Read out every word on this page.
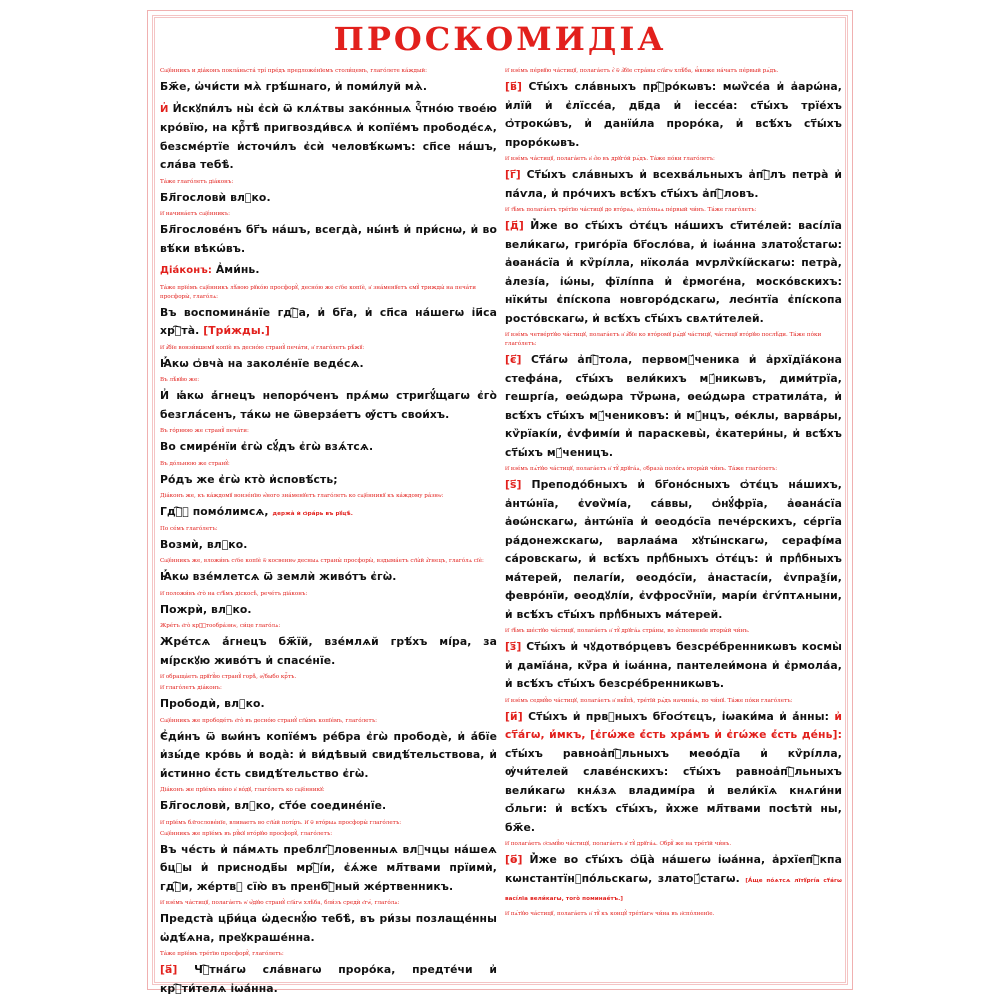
ПРОСКОМИДІА

Сщ҃е́нникъ и діа́конъ покла́ньста́ трі́ пре́дъ предложе́нїемъ столи́цемъ, глаго́лете ка́ждый:

Бж҃е, ѡ҆чи́сти мѧ̀ грѣ́шнаго, и҆ поми́луй мѧ̀.

И҆ И҆скꙋпи́лъ ны̀ є҆сѝ ѿ клѧ́твы зако́нныѧ чⷭ҇тно́ю твое́ю кро́вїю, на крⷭ҇тѣ̀ пригвозди́всѧ и҆ копїе́мъ прободе́сѧ, безсме́ртїе и҆сточи́лъ є҆сѝ человѣ́кѡмъ: сп҃се на́шъ, сла́ва тебѣ̀.

Та́же глаго́летъ діа́конъ:

Бл҃гословѝ влⷣко.

И҆ начина́етъ сщ҃е́нникъ:

Бл҃гослове́нъ бг҃ъ на́шъ, всегда̀, ны́нѣ и҆ при́снѡ, и҆ во вѣ́ки вѣкѡ́въ.

Діа́конъ: А҆ми́нь.

Та́же прїе́мъ сщ҃е́нникъ лѣ́вою рꙋко́ю просфорꙋ̀, десно́ю же ст҃о́е копїѐ, и҆ зна́менꙋетъ ємꙋ̀ трижды́ на печа́ти просфоры̀, глаго́лѧ:

Въ воспомина́нїе гдⷭ҇а, и҆ бг҃а, и҆ сп҃са на́шегѡ і҆и҃са хрⷭ҇та̀. [Три́жды.]

И҆ а҆́бїе вонзи́вшемꙋ копїѐ въ десно́ю странꙋ̀ печа́ти, и҆ глаго́летъ рѣ́жꙋ:

Ꙗ҆́кѡ ѻ҆вча̀ на заколе́нїе веде́сѧ.

Въ лѣ́вꙋю же:

И҆ ꙗ҆́кѡ а҆́гнецъ непоро́ченъ прѧ́мѡ стригꙋ́щагѡ є҆го̀ безгла́сенъ, та́кѡ не ѿверза́етъ ѹ҆́стъ свои́хъ.

Въ го́рнюю же странꙋ̀ печа́ти:

Во смире́нїи є҆гѡ̀ сꙋ́дъ є҆гѡ̀ взѧ́тсѧ.

Въ до́льнюю же странꙋ̀:

Ро́дъ же є҆гѡ̀ кто̀ и҆сповѣ́сть;

Діа́конъ же, къ ка́ждомꙋ вонзе́нїю ѡ҆́ного зна́менꙋетъ глаго́летъ ко сщ҃е́нникꙋ къ ка́ждому ра́знѡ:

Гдⷭ҇ꙋ помо́лимсѧ, держа̀ и҆ ѻ҆ра́рь въ рꙋцѣ̀.

По се́мъ глаго́летъ:

Возмѝ, влⷣко.

Сщ҃е́нникъ же, вложи́въ ст҃о́е копїѐ ѿ косвеннѡ десныѧ страны̀ просфоры̀, вздыма́етъ ст҃ы́й а҆́гнецъ, глаго́лѧ сїѐ:

Ꙗ҆́кѡ взе́млетсѧ ѿ землѝ живо́тъ є҆гѡ̀.

И҆ положи́въ є҆го̀ на ст҃ѣ́мъ діскосѣ̀, рече́тъ діа́конъ:

Пожрѝ, влⷣко.

Жре́тъ є҆го̀ крⷭ҇тообра́знѡ, си́це глаго́лѧ:

Жре́тсѧ а҆́гнецъ бж҃їй, взе́млѧй грѣ́хъ мі́ра, за мі́рскꙋю живо́тъ и҆ спасе́нїе.

И҆ обраща́етъ дрꙋгꙋ́ю странꙋ̀ горѣ̀, ѹ҆́быбо крⷭ҇тъ.

И҆ глаго́летъ діа́конъ:

Прободѝ, влⷣко.

Сщ҃е́нникъ же прободе́тъ є҆го̀ въ десно́ю странꙋ̀ ст҃ы́мъ копїе́мъ, глаго́летъ:

Є҆ди́нъ ѿ вѡи́нъ копїе́мъ ре́бра є҆гѡ̀ прободѐ, и҆ а҆́бїе и҆зы́де кро́вь и҆ вода̀: и҆ ви́дѣвый свидѣ́тельствова, и҆ и҆́стинно є҆́сть свидѣ́тельство є҆гѡ̀.

Діа́конъ же прїе́мъ ви́но и҆ во́дꙋ, глаго́летъ ко сщ҃е́нникꙋ:

Бл҃гословѝ, влⷣко, ст҃о́е соедине́нїе.

И҆ прїе́мъ бл҃гослове́нїе, вливаетъ во ст҃ы́й поті́ръ. И҆ ѿ вто́рыѧ просфоры̀ глаго́летъ:

Сщ҃е́нникъ же прїе́мъ въ рꙋ́кꙋ вто́рꙋю просфорꙋ̀, глаго́летъ:

Въ че́сть и҆ па́мѧть преблгⷭ҇ловенныѧ влⷣчцы на́шеѧ бцⷣы и҆ приснодв҃ы мрⷭ҇і́и, є҆ѧ́же мл҃твами прїимѝ, гдⷭ҇и, же́ртвꙋ сїю̀ въ пренбⷭ҇ный же́ртвенникъ.

И҆ взе́мъ ча́стицꙋ, полага́етъ ѡ҆ ѡ҆́дꙋю странꙋ̀ ст҃а́гѡ хлѣ́ба, бли́зъ средѝ є҆гѡ̀, глаго́лѧ:

Предста̀ цр҃и́ца ѡ҆деснꙋ́ю тебѣ̀, въ ри́зы позлаще́нны ѡ҆дѣ́ѧна, преꙋкраше́нна.

Та́же прїе́мъ тре́тїю просфорꙋ̀, глаго́летъ:

[а҃] Чⷭ҇тна́гѡ сла́внагѡ проро́ка, предте́чи и҆ крⷭ҇ти́телѧ і҆ѡа́нна.

И҆ взе́мъ пе́рвꙋю ча́стицꙋ, полага́етъ є҆̀ ѿ а҆́бїе стра́ны ст҃а́гѡ хлѣ́ба, ꙗ҆́коже на́чатъ пе́рвый рѧ́дъ.

[в҃] Ст҃ы́хъ сла́вныхъ прⷪ҇ро́кѡвъ: мѡѷсе́а и҆ а҆арѡ́на, и҆лїи̑ и҆ є҆лїссе́а, дв҃да и҆ і҆ессе́а: ст҃ы́хъ трїе́хъ ѻ҆трокѡ́въ, и҆ данїи́ла проро́ка, и҆ всѣ́хъ ст҃ы́хъ проро́кѡвъ.

И҆ взе́мъ ча́стицꙋ, полага́етъ и҆ є҆́ю въ дрꙋго́й рѧ́дъ. Та́же по́ки глаго́летъ:

[г҃] Ст҃ы́хъ сла́вныхъ и҆ всехва́льныхъ а҆пⷭ҇лъ петра̀ и҆ па́ѵла, и҆ про́чихъ всѣ́хъ ст҃ы́хъ а҆пⷭ҇ловъ.

И҆ т҃ѣ́мъ полага́етъ тре́тїю ча́стицꙋ до вто́раѧ, и҆спо́лнѧѧ пе́рвый чи́нъ. Та́же глаго́летъ:

[д҃] И҆̀же во ст҃ы́хъ ѻ҆тє́цъ на́шихъ ст҃ите́лей: васі́лїа вели́кагѡ, григо́рїа бг҃осло́ва, и҆ і҆ѡа́нна златоꙋ́стагѡ: а҆ѳана́сїа и҆ кѷрі́лла, нїкола́а мѵрлѷкі́йскагѡ: петра̀, а҆лезі́а, і҆ѡ́ны, фїлі́ппа и҆ є҆рмоге́на, моско́вскихъ: нїки́ты є҆пі́скопа новгоро́дскагѡ, леѻ́нтїа є҆пі́скопа росто́вскагѡ, и҆ всѣ́хъ ст҃ы́хъ свѧти́телей.

И҆ взе́мъ четве́ртꙋю ча́стицꙋ, полага́етъ и҆ а҆́бїе ко вто́ромꙋ рѧ́дꙋ ча́стицꙋ, ча́стицꙋ вто́рꙋю послѣ́ди. Та́же по́ки глаго́летъ:

[є҃] Ст҃а́гѡ а҆пⷭ҇тола, первомꙋ́ченика и҆ а҆рхїдїа́кона стефа́на, ст҃ы́хъ вели́кихъ мꙋ́никѡвъ, дими́трїа, гешргі́а, ѳеѡ́дѡра тѷ́рѡна, ѳеѡ́дѡра стратила́та, и҆ всѣ́хъ ст҃ы́хъ мꙋ́чениковъ: и҆ мꙋ́нцъ, ѳе́клы, варва́ры, кѷрїакі́и, є҆ѵфимі́и и҆ параскевы̀, є҆катери́ны, и҆ всѣ́хъ ст҃ы́хъ мꙋ́ченицъ.

И҆ взе́мъ пѧ́тꙋю ча́стицꙋ, полага́етъ и҆ тꙋ̀ дрꙋга́ѧ, ѻ҆браза̀ поло́гѧ вторы́й чи́нъ. Та́же глаго́летъ:

[ѕ҃] Преподо́бныхъ и҆ бг҃оно́сныхъ ѻ҆тє́цъ на́шихъ, а҆нтѡ́нїа, є҆ѵѳѷмі́а, са́ввы, ѻ҆нꙋ́фрїа, а҆ѳана́сїа а҆ѳѡ́нскагѡ, а҆нтѡ́нїа и҆ ѳеодо́сїа пече́рскихъ, се́ргїа ра́донежскагѡ, варлаа́ма хꙋты́нскагѡ, серафі́ма са́ровскагѡ, и҆ всѣ́хъ прпⷣбныхъ ѻ҆тє́цъ: и҆ прпⷣбныхъ ма́терей, пелагі́и, ѳеодо́сїи, а҆настасі́и, є҆ѵпраѯі́и, февро́нїи, ѳеодꙋлі́и, є҆ѵфросѷ́нїи, марі́и є҆гѵ́птѧныни, и҆ всѣ́хъ ст҃ы́хъ прпⷣбныхъ ма́терей.

И҆ т҃ѣ́мъ ше́стꙋю ча́стицꙋ, полага́етъ и҆ тꙋ̀ дрꙋга́ѧ стра́ны, во и҆́сполненїе вторы́й чи́нъ.

[з҃] Ст҃ы́хъ и҆ чꙋдотво́рцевъ безсре́бренникѡвъ космы̀ и҆ дамїа́на, кѷ́ра и҆ і҆ѡа́нна, пантелеи́мона и҆ є҆рмола́а, и҆ всѣ́хъ ст҃ы́хъ безсре́бренникѡвъ.

И҆ взе́мъ седмꙋ́ю ча́стицꙋ, полага́етъ и҆ вкꙋ́пѣ, тре́тїй рѧ́дъ начина́ѧ, по чи́нꙋ. Та́же по́ки глаго́летъ:

[и҃] Ст҃ы́хъ и҆ првⷣныхъ бг҃оѻ́тєцъ, і҆ѡаки́ма и҆ а҆́нны: и҆ ст҃а́гѡ, и҆́мкъ, [є҆гѡ́же є҆́сть хра́мъ и҆ є҆гѡ́же є҆́сть де́нь]: ст҃ы́хъ равноа҆пⷭ҇льныхъ меѳо́дїа и҆ кѷрі́лла, ѹ҆чи́телей славе́нскихъ: ст҃ы́хъ равноа҆пⷭ҇льныхъ вели́кагѡ кнѧ́зѧ владимі́ра и҆ вели́кїѧ кнѧги́ни ѻ҆́льги: и҆ всѣ́хъ ст҃ы́хъ, и҆̀хже мл҃твами посѣтѝ ны, бж҃е.

И҆ полага́етъ ѻ҆сьмꙋ́ю ча́стицꙋ, полага́етъ и҆ тꙋ̀ дрꙋга́ѧ. Ѻ҆брꙋ̀ же на тре́тїй чи́нъ.

[ѳ҃] И҆̀же во ст҃ы́хъ ѻ҆ц҃а̀ на́шегѡ і҆ѡа́нна, а҆рхїепⷭ҇кпа кѡнстантїнꙋпо́льскагѡ, златоꙋ́стагѡ. [А҆́ще по́ѧтсѧ лїтꙋргі́а ст҃а́гѡ васі́лїа вели́кагѡ, того̀ поминае́тъ.]

И҆ пѧ́тꙋю ча́стицꙋ, полага́етъ и҆ тꙋ̀ къ концꙋ̀ тре́тїагѡ чи́на въ и҆спо́лненїе.
